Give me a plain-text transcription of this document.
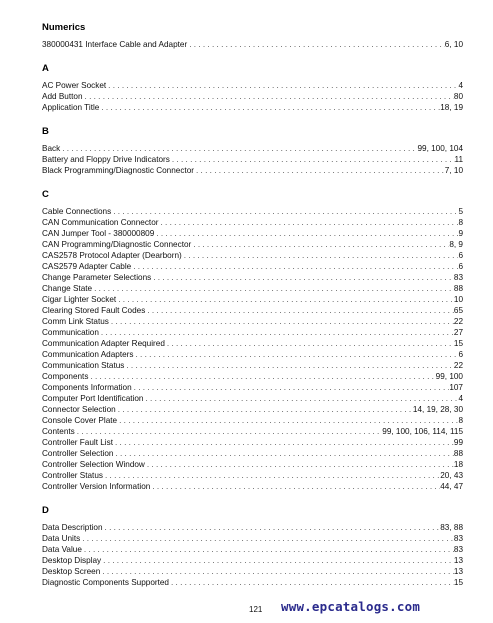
Numerics
380000431 Interface Cable and Adapter . . .	6, 10
A
AC Power Socket . . .	4
Add Button . . .	80
Application Title . . .	18, 19
B
Back . . .	99, 100, 104
Battery and Floppy Drive Indicators . . .	11
Black Programming/Diagnostic Connector . . .	7, 10
C
Cable Connections . . .	5
CAN Communication Connector . . .	8
CAN Jumper Tool - 380000809 . . .	9
CAN Programming/Diagnostic Connector . . .	8, 9
CAS2578 Protocol Adapter (Dearborn) . . .	6
CAS2579 Adapter Cable . . .	6
Change Parameter Selections . . .	83
Change State . . .	88
Cigar Lighter Socket . . .	10
Clearing Stored Fault Codes . . .	65
Comm Link Status . . .	22
Communication . . .	27
Communication Adapter Required . . .	15
Communication Adapters . . .	6
Communication Status . . .	22
Components . . .	99, 100
Components Information . . .	107
Computer Port Identification . . .	4
Connector Selection . . .	14, 19, 28, 30
Console Cover Plate . . .	8
Contents . . .	99, 100, 106, 114, 115
Controller Fault List . . .	99
Controller Selection . . .	88
Controller Selection Window . . .	18
Controller Status . . .	20, 43
Controller Version Information . . .	44, 47
D
Data Description . . .	83, 88
Data Units . . .	83
Data Value . . .	83
Desktop Display . . .	13
Desktop Screen . . .	13
Diagnostic Components Supported . . .	15
121 www.epcatalogs.com
